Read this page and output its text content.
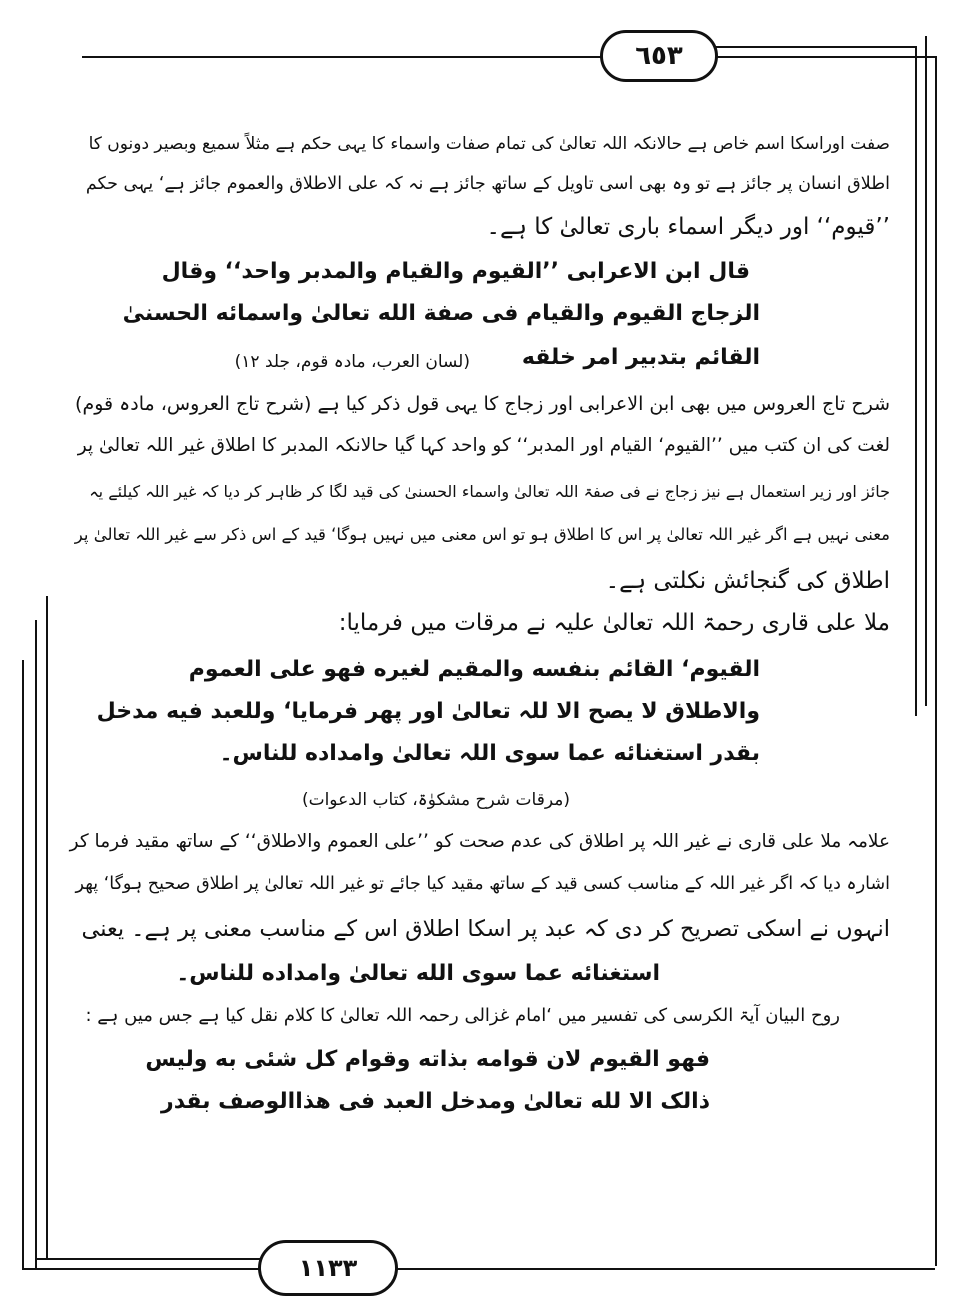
٦٥٣
١١٣٣
صفت اوراسکا اسم خاص ہے حالانکہ اللہ تعالیٰ کی تمام صفات واسماء کا یہی حکم ہے مثلاً سمیع وبصیر دونوں کا
اطلاق انسان پر جائز ہے تو وہ بھی اسی تاویل کے ساتھ جائز ہے نہ کہ علی الاطلاق والعموم جائز ہے‘ یہی حکم
’’قیوم‘‘ اور دیگر اسماء باری تعالیٰ کا ہے۔
قال ابن الاعرابی ’’القیوم والقیام والمدبر واحد‘‘ وقال
الزجاج القیوم والقیام فی صفة الله تعالیٰ واسمائه الحسنیٰ
القائم بتدبیر امر خلقه
(لسان العرب، مادہ قوم، جلد ۱۲)
شرح تاج العروس میں بھی ابن الاعرابی اور زجاج کا یہی قول ذکر کیا ہے (شرح تاج العروس، مادہ قوم)
لغت کی ان کتب میں ’’القیوم‘ القیام اور المدبر‘‘ کو واحد کہا گیا حالانکہ المدبر کا اطلاق غیر اللہ تعالیٰ پر
جائز اور زیر استعمال ہے نیز زجاج نے فی صفۃ اللہ تعالیٰ واسماء الحسنیٰ کی قید لگا کر ظاہر کر دیا کہ غیر اللہ کیلئے یہ
معنی نہیں ہے اگر غیر اللہ تعالیٰ پر اس کا اطلاق ہو تو اس معنی میں نہیں ہوگا‘ قید کے اس ذکر سے غیر اللہ تعالیٰ پر
اطلاق کی گنجائش نکلتی ہے۔
ملا علی قاری رحمۃ اللہ تعالیٰ علیہ نے مرقات میں فرمایا:
القیوم‘ القائم بنفسه والمقیم لغیره فهو علی العموم
والاطلاق لا یصح الا للہ تعالیٰ اور پھر فرمایا‘ وللعبد فیه مدخل
بقدر استغنائه عما سوی اللہ تعالیٰ وامداده للناس۔
(مرقات شرح مشکوٰۃ، کتاب الدعوات)
علامہ ملا علی قاری نے غیر اللہ پر اطلاق کی عدم صحت کو ’’علی العموم والاطلاق‘‘ کے ساتھ مقید فرما کر
اشارہ دیا کہ اگر غیر اللہ کے مناسب کسی قید کے ساتھ مقید کیا جائے تو غیر اللہ تعالیٰ پر اطلاق صحیح ہوگا‘ پھر
انہوں نے اسکی تصریح کر دی کہ عبد پر اسکا اطلاق اس کے مناسب معنی پر ہے۔ یعنی
استغنائه عما سوی الله تعالیٰ وامداده للناس۔
روح البیان آیۃ الکرسی کی تفسیر میں ‘امام غزالی رحمہ اللہ تعالیٰ کا کلام نقل کیا ہے جس میں ہے :
فهو القیوم لان قوامه بذاته وقوام کل شئی به ولیس
ذالک الا لله تعالیٰ ومدخل العبد فی هذاالوصف بقدر
